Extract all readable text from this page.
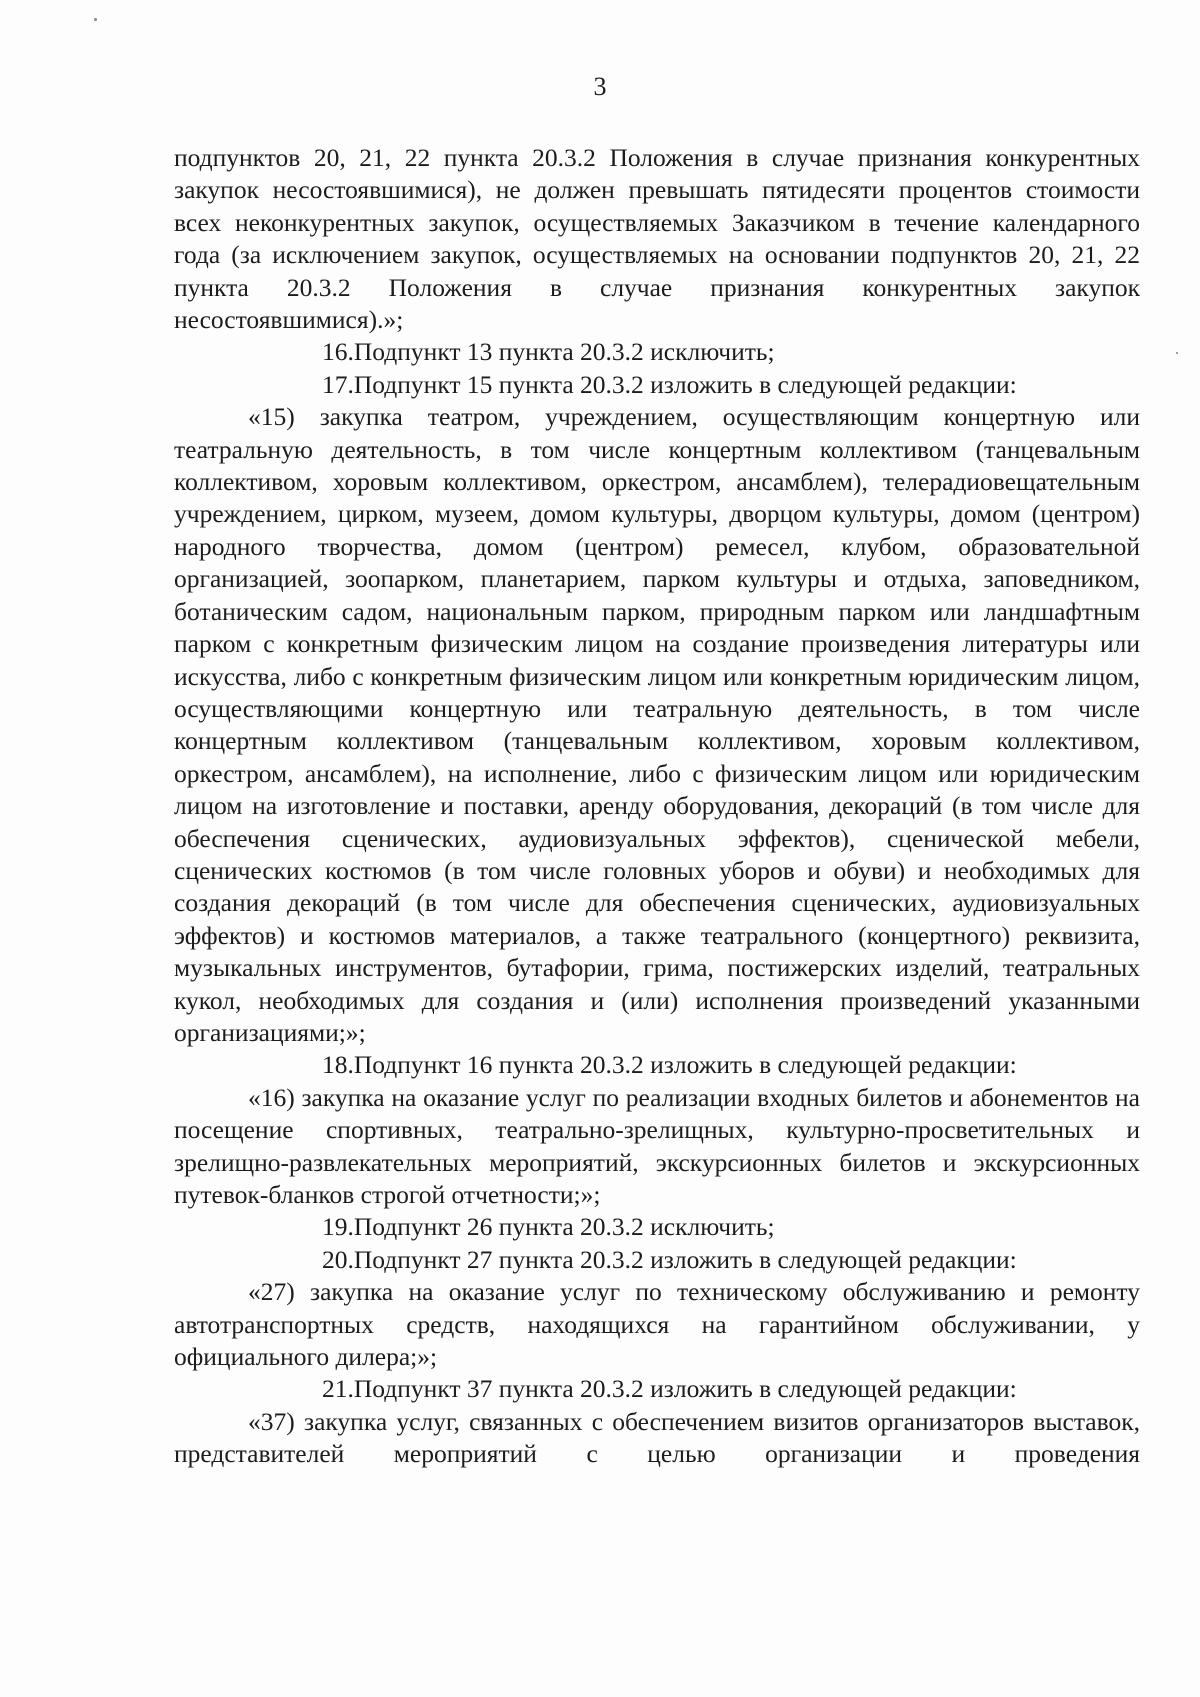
3

подпунктов 20, 21, 22 пункта 20.3.2 Положения в случае признания конкурентных закупок несостоявшимися), не должен превышать пятидесяти процентов стоимости всех неконкурентных закупок, осуществляемых Заказчиком в течение календарного года (за исключением закупок, осуществляемых на основании подпунктов 20, 21, 22 пункта 20.3.2 Положения в случае признания конкурентных закупок несостоявшимися).»;

16.Подпункт 13 пункта 20.3.2 исключить;

17.Подпункт 15 пункта 20.3.2 изложить в следующей редакции:

«15) закупка театром, учреждением, осуществляющим концертную или театральную деятельность, в том числе концертным коллективом (танцевальным коллективом, хоровым коллективом, оркестром, ансамблем), телерадиовещательным учреждением, цирком, музеем, домом культуры, дворцом культуры, домом (центром) народного творчества, домом (центром) ремесел, клубом, образовательной организацией, зоопарком, планетарием, парком культуры и отдыха, заповедником, ботаническим садом, национальным парком, природным парком или ландшафтным парком с конкретным физическим лицом на создание произведения литературы или искусства, либо с конкретным физическим лицом или конкретным юридическим лицом, осуществляющими концертную или театральную деятельность, в том числе концертным коллективом (танцевальным коллективом, хоровым коллективом, оркестром, ансамблем), на исполнение, либо с физическим лицом или юридическим лицом на изготовление и поставки, аренду оборудования, декораций (в том числе для обеспечения сценических, аудиовизуальных эффектов), сценической мебели, сценических костюмов (в том числе головных уборов и обуви) и необходимых для создания декораций (в том числе для обеспечения сценических, аудиовизуальных эффектов) и костюмов материалов, а также театрального (концертного) реквизита, музыкальных инструментов, бутафории, грима, постижерских изделий, театральных кукол, необходимых для создания и (или) исполнения произведений указанными организациями;»;

18.Подпункт 16 пункта 20.3.2 изложить в следующей редакции:

«16) закупка на оказание услуг по реализации входных билетов и абонементов на посещение спортивных, театрально-зрелищных, культурно-просветительных и зрелищно-развлекательных мероприятий, экскурсионных билетов и экскурсионных путевок-бланков строгой отчетности;»;

19.Подпункт 26 пункта 20.3.2 исключить;

20.Подпункт 27 пункта 20.3.2 изложить в следующей редакции:

«27) закупка на оказание услуг по техническому обслуживанию и ремонту автотранспортных средств, находящихся на гарантийном обслуживании, у официального дилера;»;

21.Подпункт 37 пункта 20.3.2 изложить в следующей редакции:

«37) закупка услуг, связанных с обеспечением визитов организаторов выставок, представителей мероприятий с целью организации и проведения
